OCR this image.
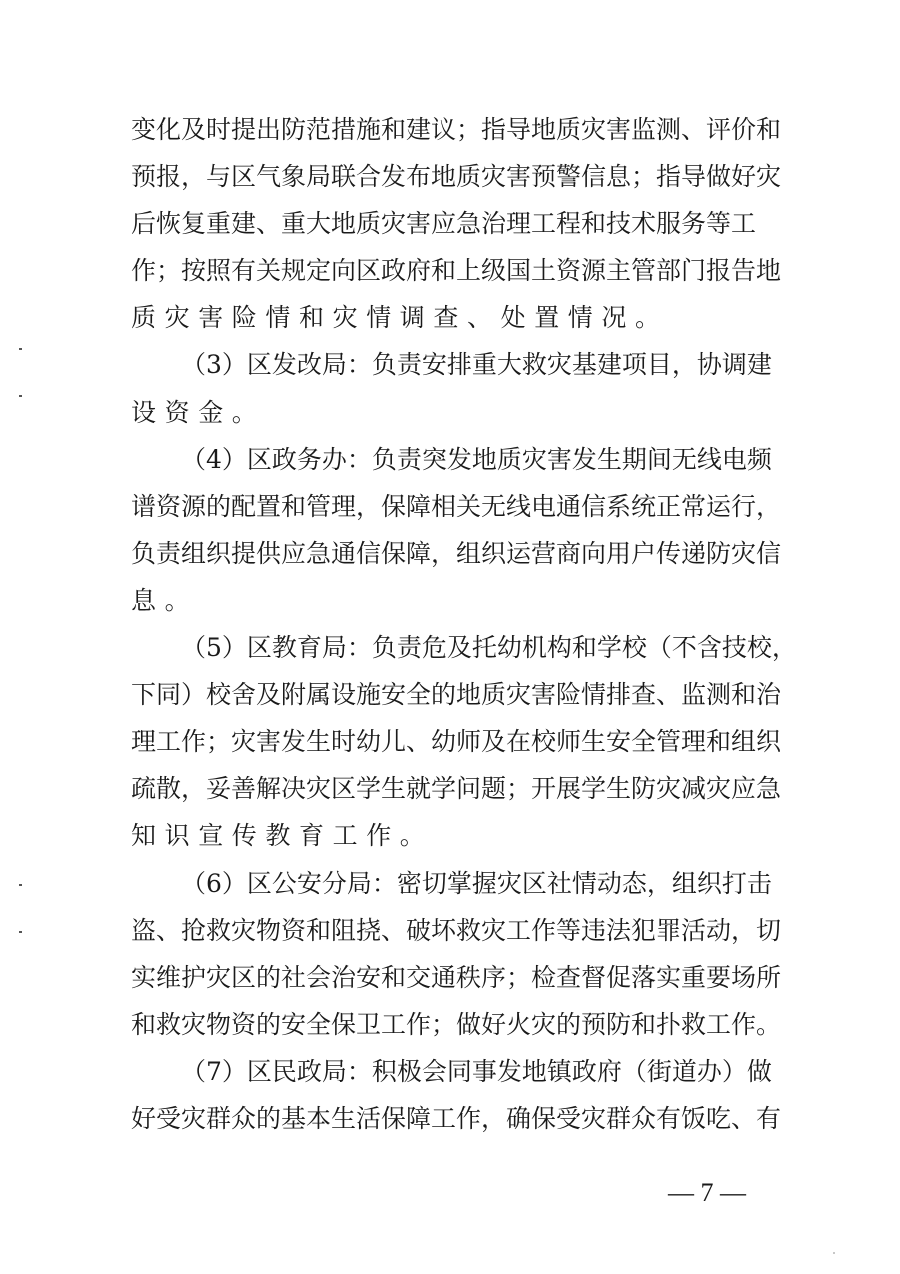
变化及时提出防范措施和建议；指导地质灾害监测、评价和
预报，与区气象局联合发布地质灾害预警信息；指导做好灾
后恢复重建、重大地质灾害应急治理工程和技术服务等工
作；按照有关规定向区政府和上级国土资源主管部门报告地
质灾害险情和灾情调查、处置情况。
（3）区发改局：负责安排重大救灾基建项目，协调建
设资金。
（4）区政务办：负责突发地质灾害发生期间无线电频
谱资源的配置和管理，保障相关无线电通信系统正常运行，
负责组织提供应急通信保障，组织运营商向用户传递防灾信
息。
（5）区教育局：负责危及托幼机构和学校（不含技校，
下同）校舍及附属设施安全的地质灾害险情排查、监测和治
理工作；灾害发生时幼儿、幼师及在校师生安全管理和组织
疏散，妥善解决灾区学生就学问题；开展学生防灾减灾应急
知识宣传教育工作。
（6）区公安分局：密切掌握灾区社情动态，组织打击
盗、抢救灾物资和阻挠、破坏救灾工作等违法犯罪活动，切
实维护灾区的社会治安和交通秩序；检查督促落实重要场所
和救灾物资的安全保卫工作；做好火灾的预防和扑救工作。
（7）区民政局：积极会同事发地镇政府（街道办）做
好受灾群众的基本生活保障工作，确保受灾群众有饭吃、有
— 7 —
